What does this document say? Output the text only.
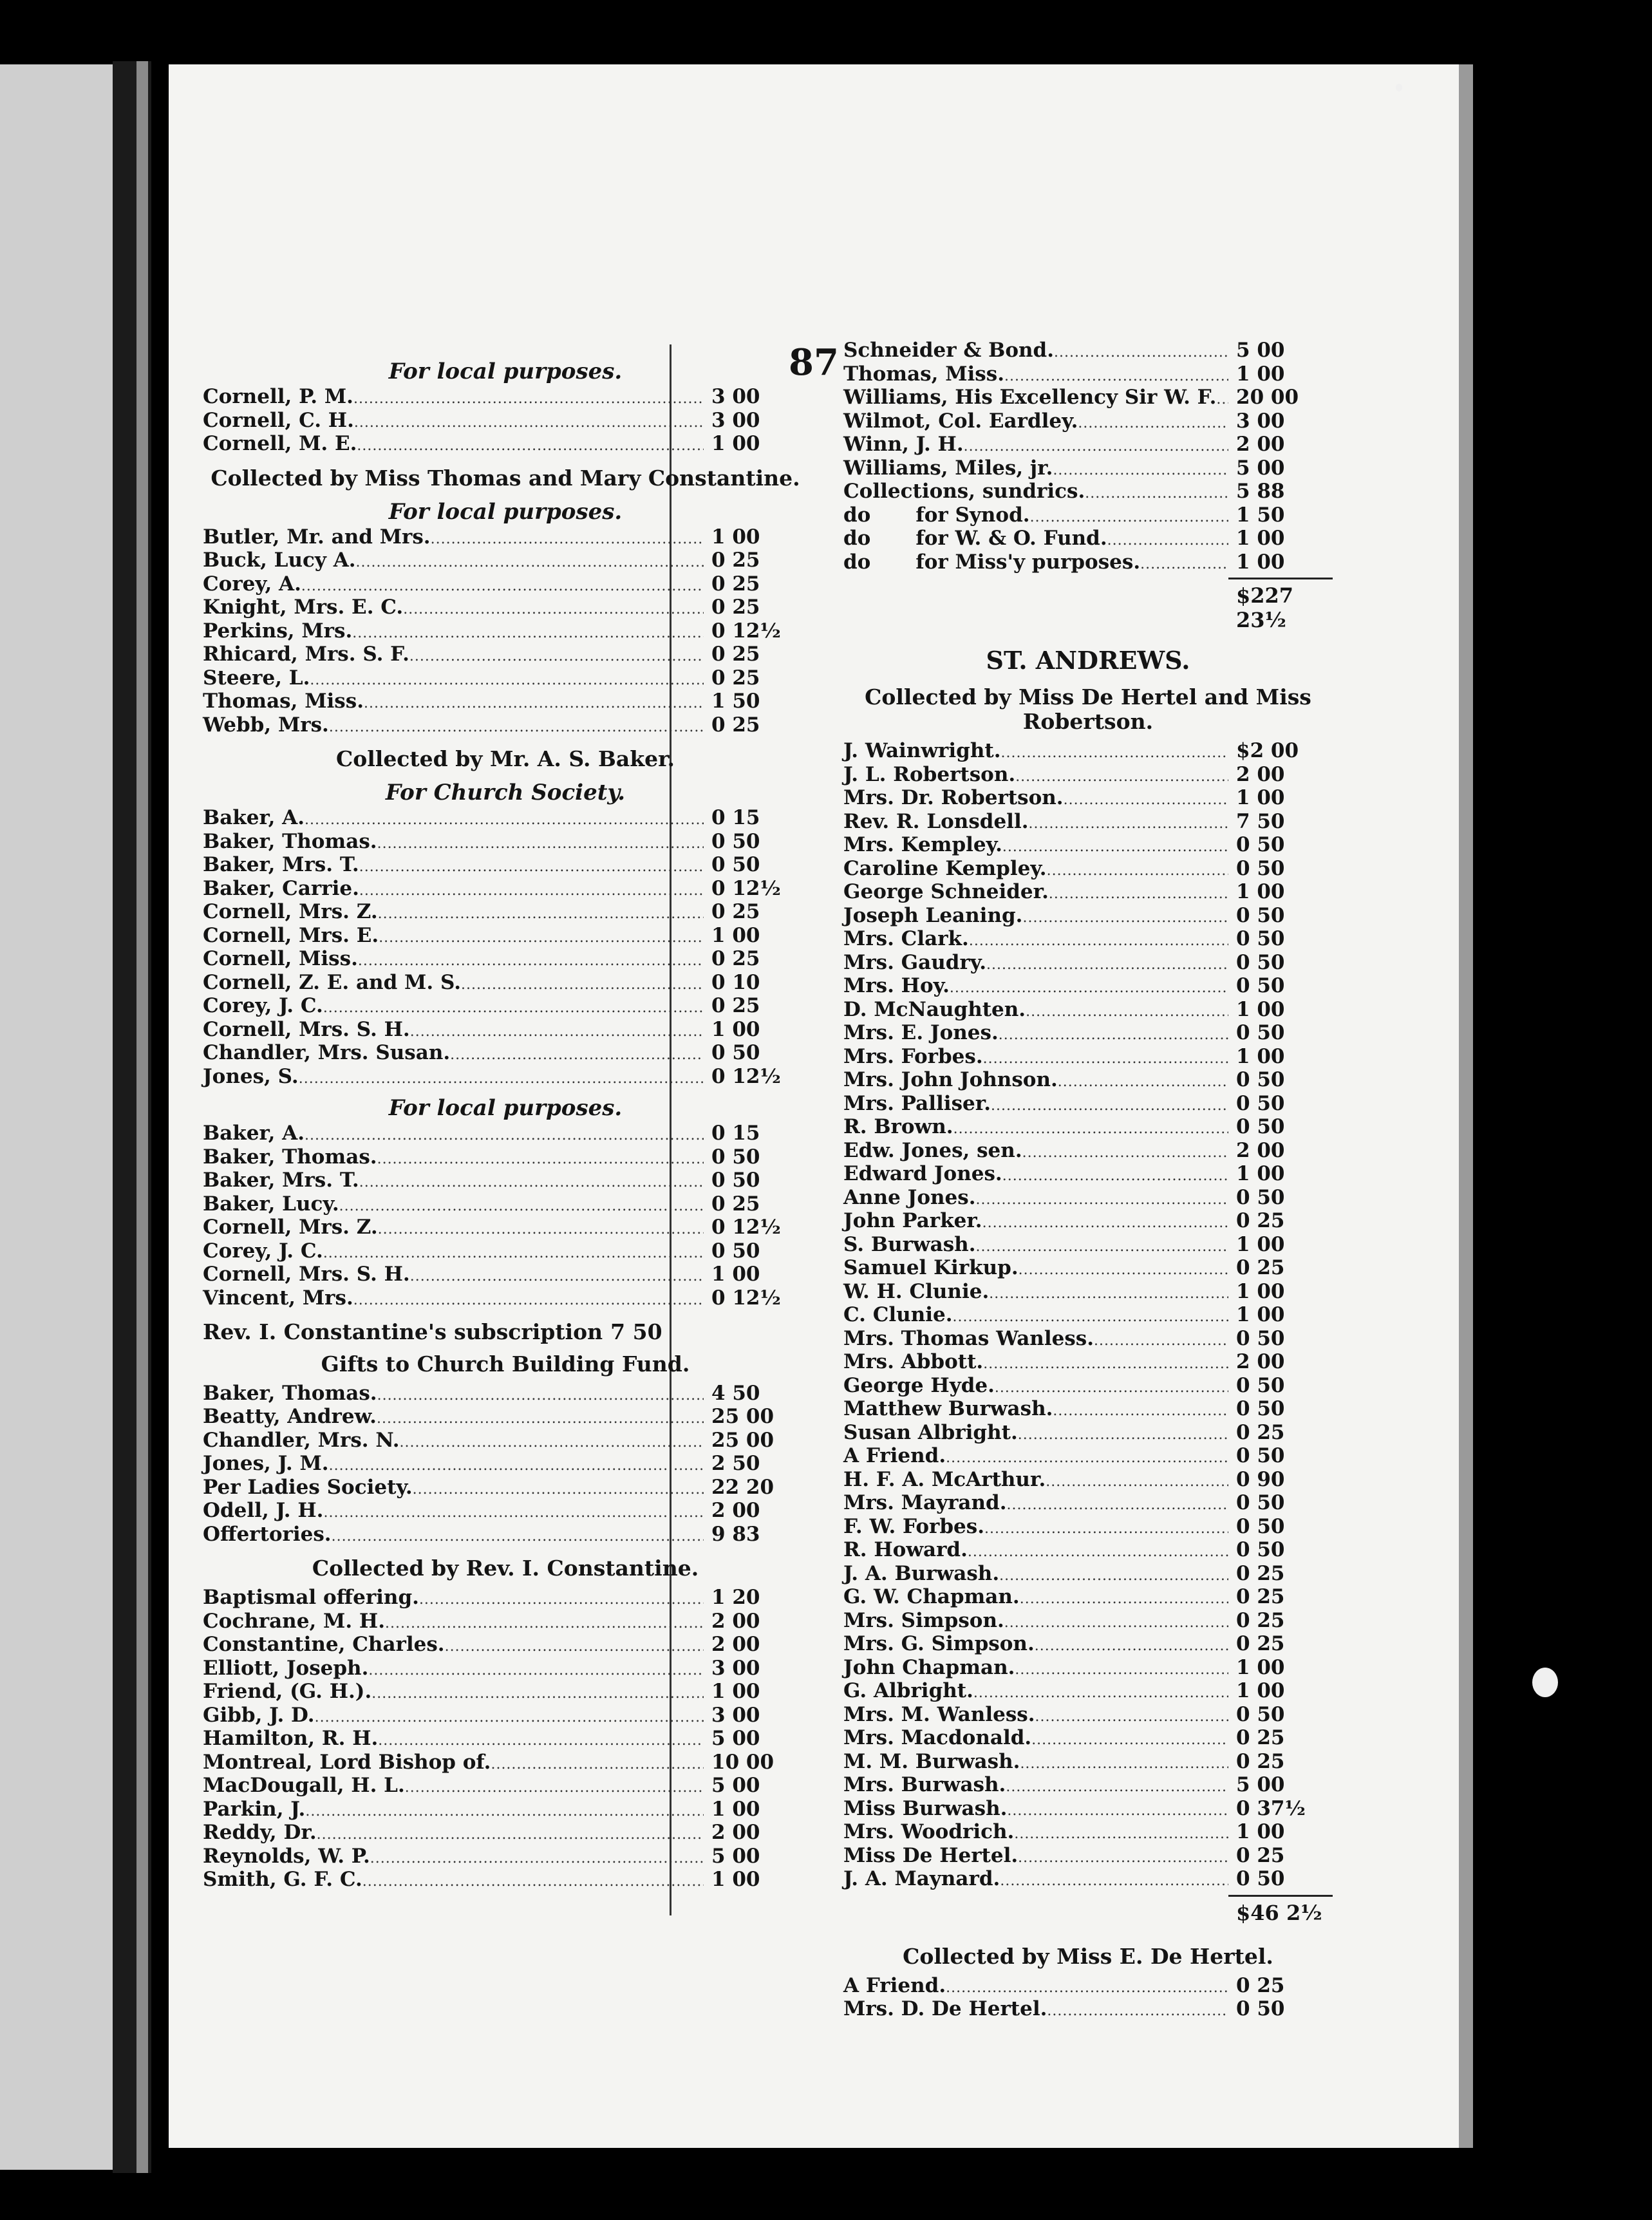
87
For local purposes.
Cornell, P. M. .....	3 00
Cornell, C. H. .....	3 00
Cornell, M. E. .....	1 00
Collected by Miss Thomas and Mary Constantine.
For local purposes.
Butler, Mr. and Mrs. .....	1 00
Buck, Lucy A. .....	0 25
Corey, A. .....	0 25
Knight, Mrs. E. C. .....	0 25
Perkins, Mrs. .....	0 12½
Rhicard, Mrs. S. F. .....	0 25
Steere, L. .....	0 25
Thomas, Miss. .....	1 50
Webb, Mrs. .....	0 25
Collected by Mr. A. S. Baker.
For Church Society.
Baker, A. .....	0 15
Baker, Thomas. .....	0 50
Baker, Mrs. T. .....	0 50
Baker, Carrie. .....	0 12½
Cornell, Mrs. Z. .....	0 25
Cornell, Mrs. E. .....	1 00
Cornell, Miss. .....	0 25
Cornell, Z. E. and M. S. .....	0 10
Corey, J. C. .....	0 25
Cornell, Mrs. S. H. .....	1 00
Chandler, Mrs. Susan. .....	0 50
Jones, S. .....	0 12½
For local purposes.
Baker, A. .....	0 15
Baker, Thomas. .....	0 50
Baker, Mrs. T. .....	0 50
Baker, Lucy. .....	0 25
Cornell, Mrs. Z. .....	0 12½
Corey, J. C. .....	0 50
Cornell, Mrs. S. H. .....	1 00
Vincent, Mrs. .....	0 12½
Rev. I. Constantine's subscription 7 50
Gifts to Church Building Fund.
Baker, Thomas. .....	4 50
Beatty, Andrew. .....	25 00
Chandler, Mrs. N. .....	25 00
Jones, J. M. .....	2 50
Per Ladies Society. .....	22 20
Odell, J. H. .....	2 00
Offertories. .....	9 83
Collected by Rev. I. Constantine.
Baptismal offering. .....	1 20
Cochrane, M. H. .....	2 00
Constantine, Charles. .....	2 00
Elliott, Joseph. .....	3 00
Friend, (G. H.). .....	1 00
Gibb, J. D. .....	3 00
Hamilton, R. H. .....	5 00
Montreal, Lord Bishop of. .....	10 00
MacDougall, H. L. .....	5 00
Parkin, J. .....	1 00
Reddy, Dr. .....	2 00
Reynolds, W. P. .....	5 00
Smith, G. F. C. .....	1 00
Schneider & Bond. .....	5 00
Thomas, Miss. .....	1 00
Williams, His Excellency Sir W. F. ..... 20 00
Wilmot, Col. Eardley. .....	3 00
Winn, J. H. .....	2 00
Williams, Miles, jr. .....	5 00
Collections, sundrics. .....	5 88
do	for Synod. .....	1 50
do	for W. & O. Fund. .....	1 00
do	for Miss'y purposes. .....	1 00
$227 23½
ST. ANDREWS.
Collected by Miss De Hertel and Miss Robertson.
J. Wainwright. .....	$2 00
J. L. Robertson. .....	2 00
Mrs. Dr. Robertson. .....	1 00
Rev. R. Lonsdell. .....	7 50
Mrs. Kempley. .....	0 50
Caroline Kempley. .....	0 50
George Schneider. .....	1 00
Joseph Leaning. .....	0 50
Mrs. Clark. .....	0 50
Mrs. Gaudry. .....	0 50
Mrs. Hoy. .....	0 50
D. McNaughten. .....	1 00
Mrs. E. Jones. .....	0 50
Mrs. Forbes. .....	1 00
Mrs. John Johnson. .....	0 50
Mrs. Palliser. .....	0 50
R. Brown. .....	0 50
Edw. Jones, sen. .....	2 00
Edward Jones. .....	1 00
Anne Jones. .....	0 50
John Parker. .....	0 25
S. Burwash. .....	1 00
Samuel Kirkup. .....	0 25
W. H. Clunie. .....	1 00
C. Clunie. .....	1 00
Mrs. Thomas Wanless. .....	0 50
Mrs. Abbott. .....	2 00
George Hyde. .....	0 50
Matthew Burwash. .....	0 50
Susan Albright. .....	0 25
A Friend. .....	0 50
H. F. A. McArthur. .....	0 90
Mrs. Mayrand. .....	0 50
F. W. Forbes. .....	0 50
R. Howard. .....	0 50
J. A. Burwash. .....	0 25
G. W. Chapman. .....	0 25
Mrs. Simpson. .....	0 25
Mrs. G. Simpson. .....	0 25
John Chapman. .....	1 00
G. Albright. .....	1 00
Mrs. M. Wanless. .....	0 50
Mrs. Macdonald. .....	0 25
M. M. Burwash. .....	0 25
Mrs. Burwash. .....	5 00
Miss Burwash. .....	0 37½
Mrs. Woodrich. .....	1 00
Miss De Hertel. .....	0 25
J. A. Maynard. .....	0 50
$46 2½
Collected by Miss E. De Hertel.
A Friend. .....	0 25
Mrs. D. De Hertel. .....	0 50
